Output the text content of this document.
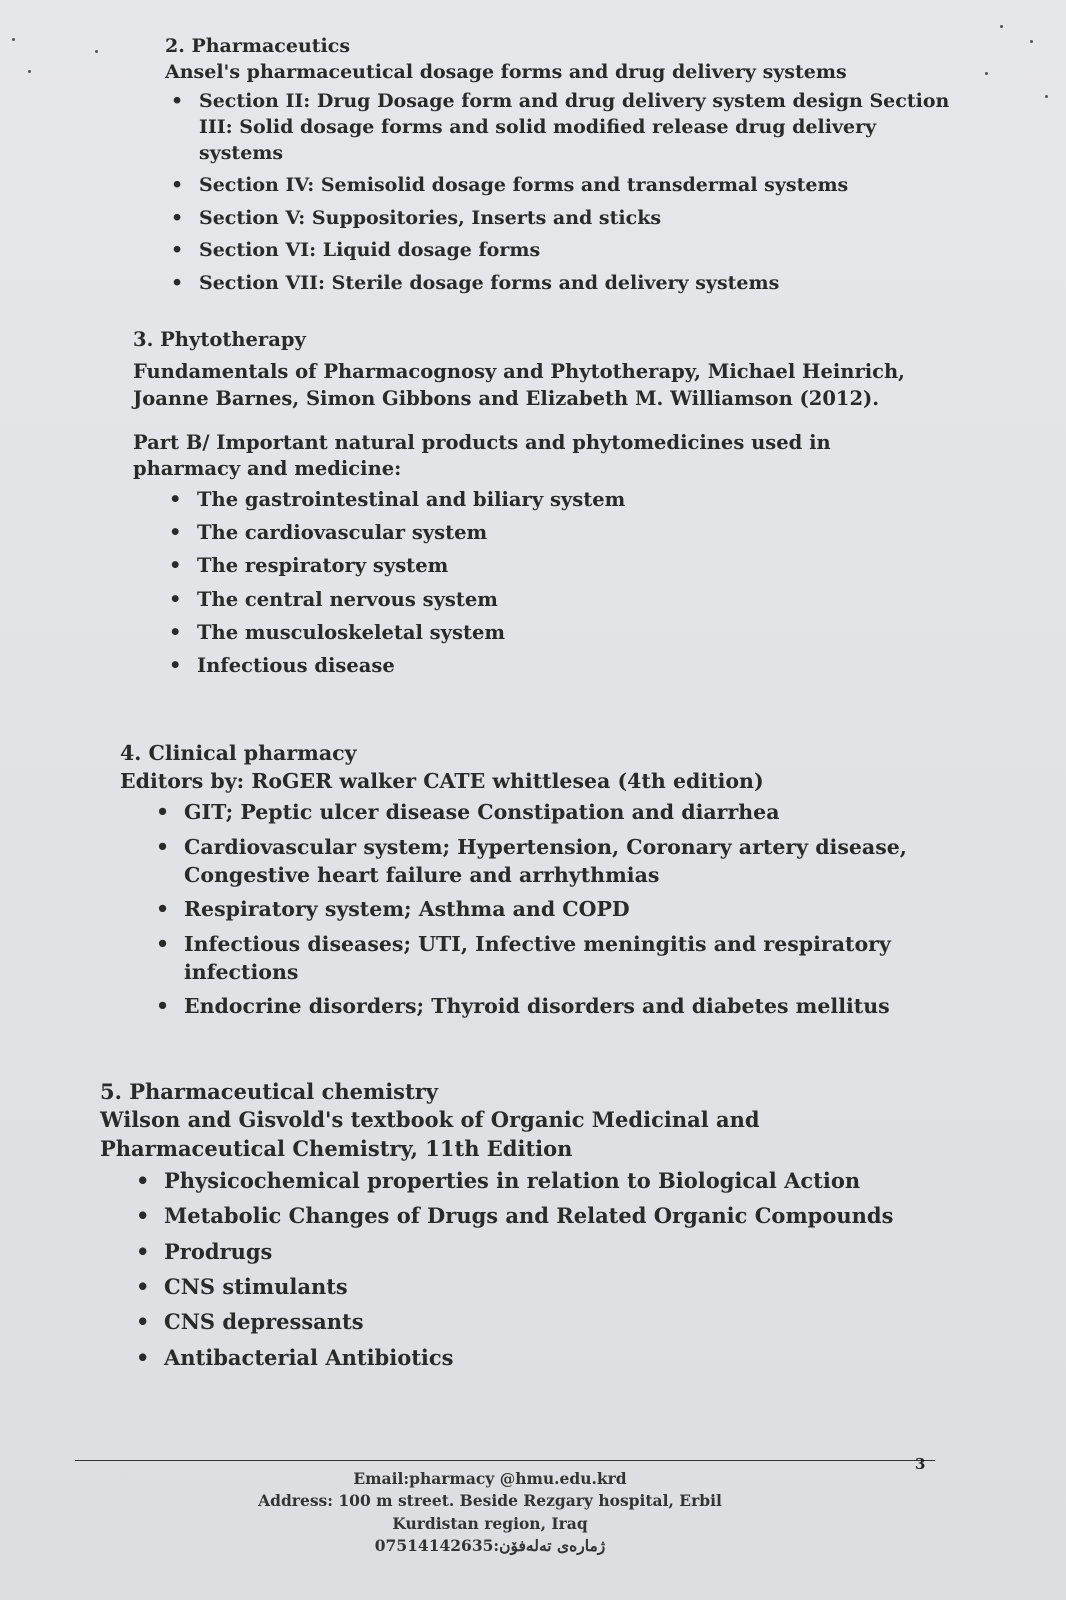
2. Pharmaceutics

Ansel's pharmaceutical dosage forms and drug delivery systems

• Section II: Drug Dosage form and drug delivery system design Section III: Solid dosage forms and solid modified release drug delivery systems
• Section IV: Semisolid dosage forms and transdermal systems
• Section V: Suppositories, Inserts and sticks
• Section VI: Liquid dosage forms
• Section VII: Sterile dosage forms and delivery systems

3. Phytotherapy

Fundamentals of Pharmacognosy and Phytotherapy, Michael Heinrich, Joanne Barnes, Simon Gibbons and Elizabeth M. Williamson (2012).

Part B/ Important natural products and phytomedicines used in pharmacy and medicine:

• The gastrointestinal and biliary system
• The cardiovascular system
• The respiratory system
• The central nervous system
• The musculoskeletal system
• Infectious disease

4. Clinical pharmacy

Editors by: RoGER walker CATE whittlesea (4th edition)

• GIT; Peptic ulcer disease Constipation and diarrhea
• Cardiovascular system; Hypertension, Coronary artery disease, Congestive heart failure and arrhythmias
• Respiratory system; Asthma and COPD
• Infectious diseases; UTI, Infective meningitis and respiratory infections
• Endocrine disorders; Thyroid disorders and diabetes mellitus

5. Pharmaceutical chemistry

Wilson and Gisvold's textbook of Organic Medicinal and Pharmaceutical Chemistry, 11th Edition

• Physicochemical properties in relation to Biological Action
• Metabolic Changes of Drugs and Related Organic Compounds
• Prodrugs
• CNS stimulants
• CNS depressants
• Antibacterial Antibiotics
3
Email:pharmacy @hmu.edu.krd
Address: 100 m street. Beside Rezgary hospital, Erbil
Kurdistan region, Iraq
07514142635:ژمارەی تەلەفۆن
